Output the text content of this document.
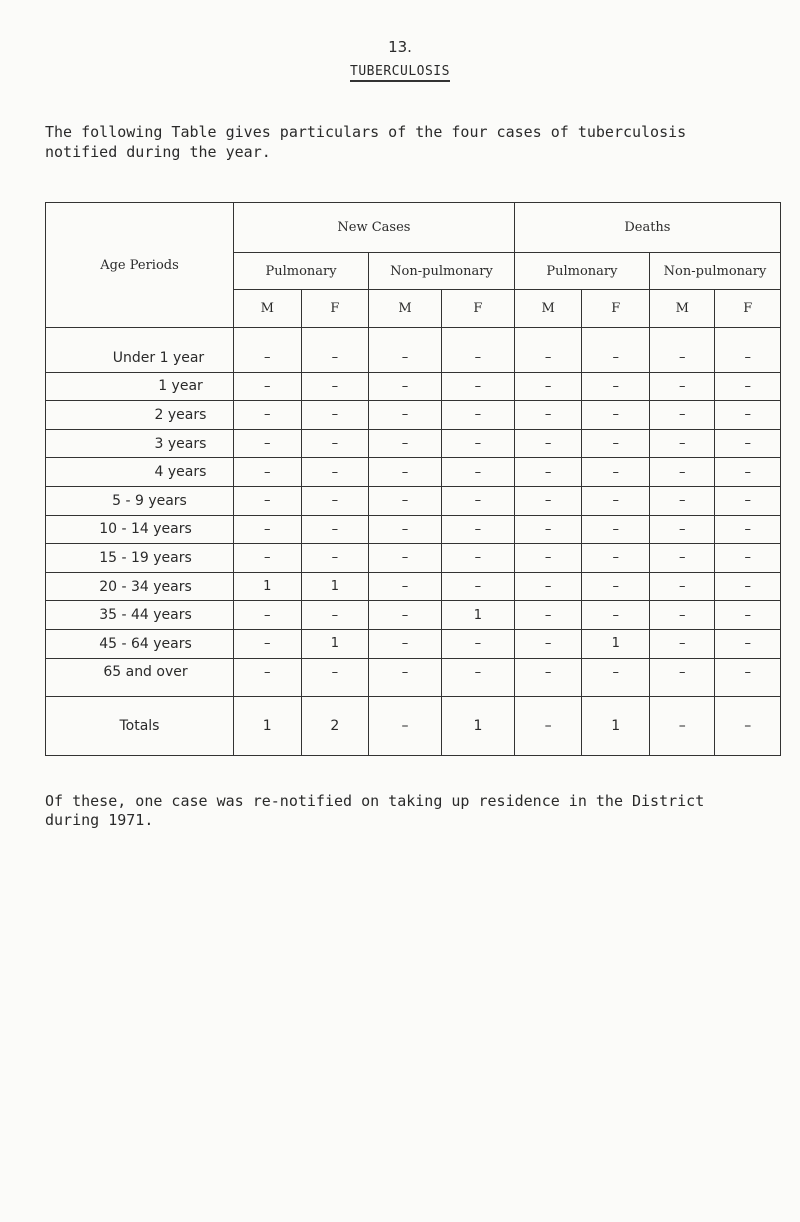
13.
TUBERCULOSIS
The following Table gives particulars of the four cases of tuberculosis notified during the year.
Age Periods	New Cases				Deaths			
	Pulmonary		Non-pulmonary		Pulmonary		Non-pulmonary	
	M	F	M	F	M	F	M	F
Under 1 year	–	–	–	–	–	–	–	–
1 year	–	–	–	–	–	–	–	–
2 years	–	–	–	–	–	–	–	–
3 years	–	–	–	–	–	–	–	–
4 years	–	–	–	–	–	–	–	–
5 - 9 years	–	–	–	–	–	–	–	–
10 - 14 years	–	–	–	–	–	–	–	–
15 - 19 years	–	–	–	–	–	–	–	–
20 - 34 years	1	1	–	–	–	–	–	–
35 - 44 years	–	–	–	1	–	–	–	–
45 - 64 years	–	1	–	–	–	1	–	–
65 and over	–	–	–	–	–	–	–	–
Totals	1	2	–	1	–	1	–	–
Of these, one case was re-notified on taking up residence in the District during 1971.
